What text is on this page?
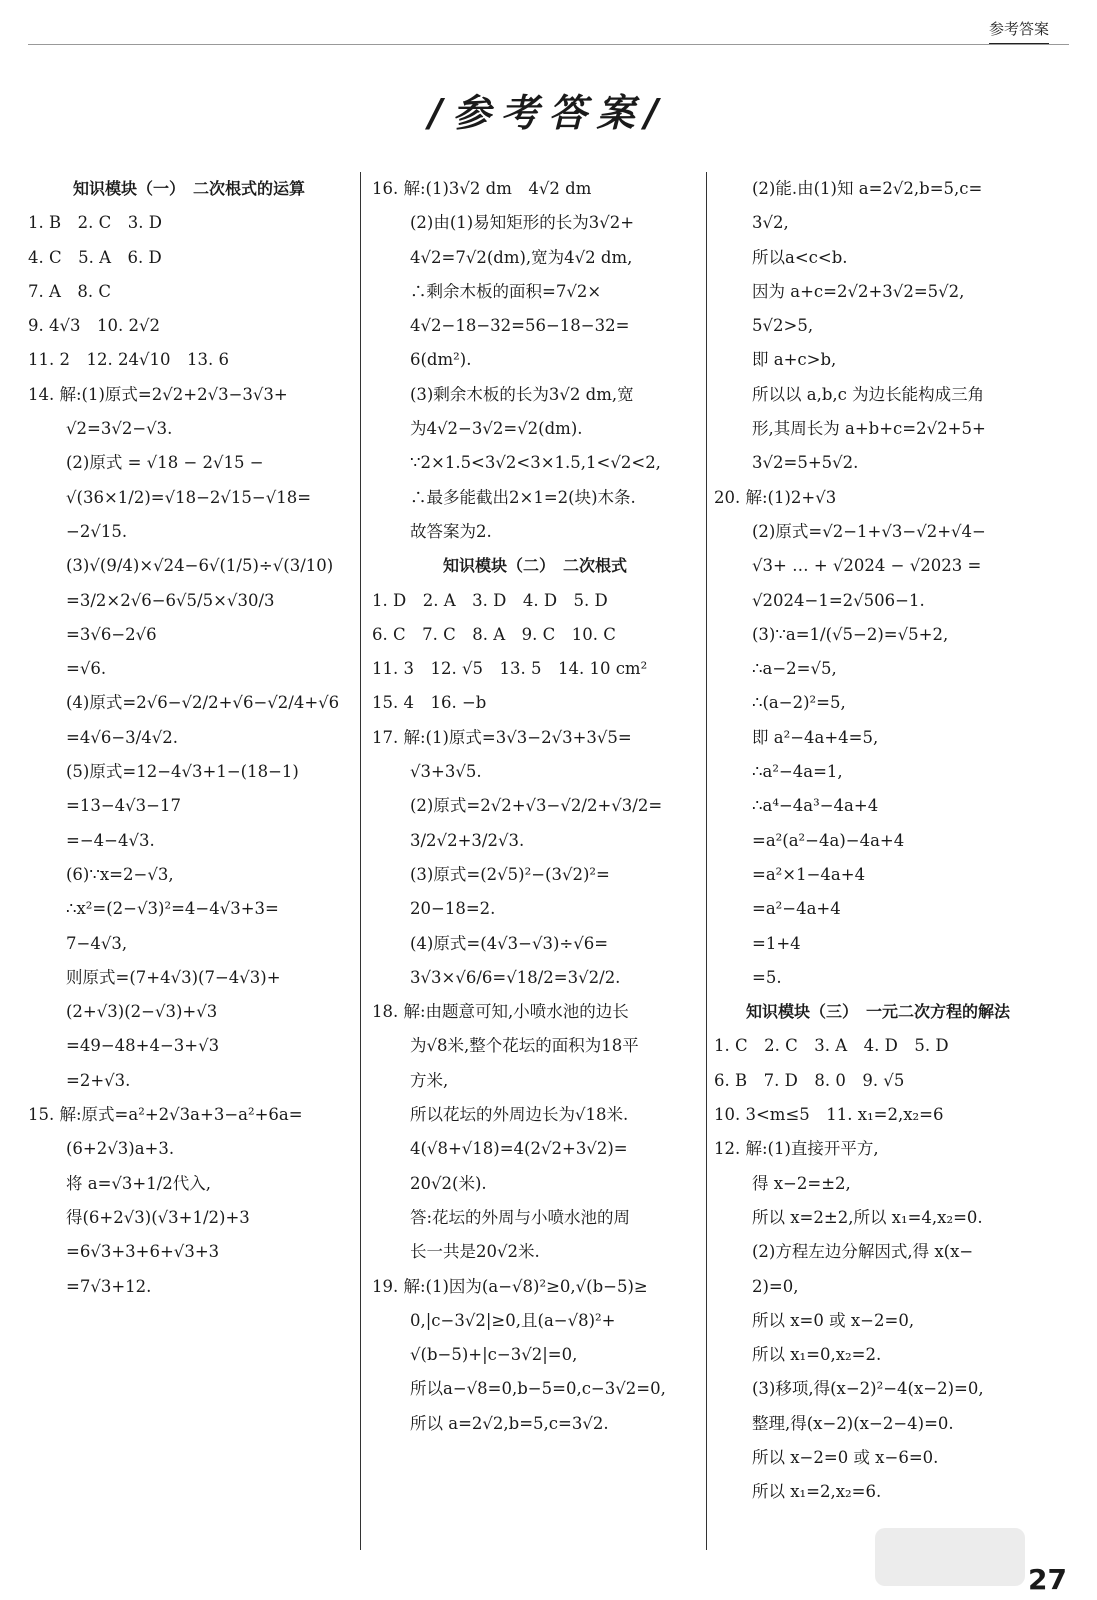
参考答案
/参考答案/
知识模块（一）　二次根式的运算
1. B　2. C　3. D
4. C　5. A　6. D
7. A　8. C
9. 4√3　10. 2√2
11. 2　12. 24√10　13. 6
14. 解:(1)原式=2√2+2√3−3√3+
√2=3√2−√3.
(2)原式 = √18 − 2√15 −
√(36×1/2)=√18−2√15−√18=
−2√15.
(3)√(9/4)×√24−6√(1/5)÷√(3/10)
=3/2×2√6−6√5/5×√30/3
=3√6−2√6
=√6.
(4)原式=2√6−√2/2+√6−√2/4+√6
=4√6−3/4√2.
(5)原式=12−4√3+1−(18−1)
=13−4√3−17
=−4−4√3.
(6)∵x=2−√3,
∴x²=(2−√3)²=4−4√3+3=
7−4√3,
则原式=(7+4√3)(7−4√3)+
(2+√3)(2−√3)+√3
=49−48+4−3+√3
=2+√3.
15. 解:原式=a²+2√3a+3−a²+6a=
(6+2√3)a+3.
将 a=√3+1/2代入,
得(6+2√3)(√3+1/2)+3
=6√3+3+6+√3+3
=7√3+12.
16. 解:(1)3√2 dm　4√2 dm
(2)由(1)易知矩形的长为3√2+
4√2=7√2(dm),宽为4√2 dm,
∴剩余木板的面积=7√2×
4√2−18−32=56−18−32=
6(dm²).
(3)剩余木板的长为3√2 dm,宽
为4√2−3√2=√2(dm).
∵2×1.5<3√2<3×1.5,1<√2<2,
∴最多能截出2×1=2(块)木条.
故答案为2.
知识模块（二）　二次根式
1. D　2. A　3. D　4. D　5. D
6. C　7. C　8. A　9. C　10. C
11. 3　12. √5　13. 5　14. 10 cm²
15. 4　16. −b
17. 解:(1)原式=3√3−2√3+3√5=
√3+3√5.
(2)原式=2√2+√3−√2/2+√3/2=
3/2√2+3/2√3.
(3)原式=(2√5)²−(3√2)²=
20−18=2.
(4)原式=(4√3−√3)÷√6=
3√3×√6/6=√18/2=3√2/2.
18. 解:由题意可知,小喷水池的边长
为√8米,整个花坛的面积为18平
方米,
所以花坛的外周边长为√18米.
4(√8+√18)=4(2√2+3√2)=
20√2(米).
答:花坛的外周与小喷水池的周
长一共是20√2米.
19. 解:(1)因为(a−√8)²≥0,√(b−5)≥
0,|c−3√2|≥0,且(a−√8)²+
√(b−5)+|c−3√2|=0,
所以a−√8=0,b−5=0,c−3√2=0,
所以 a=2√2,b=5,c=3√2.
(2)能.由(1)知 a=2√2,b=5,c=
3√2,
所以a<c<b.
因为 a+c=2√2+3√2=5√2,
5√2>5,
即 a+c>b,
所以以 a,b,c 为边长能构成三角
形,其周长为 a+b+c=2√2+5+
3√2=5+5√2.
20. 解:(1)2+√3
(2)原式=√2−1+√3−√2+√4−
√3+ … + √2024 − √2023 =
√2024−1=2√506−1.
(3)∵a=1/(√5−2)=√5+2,
∴a−2=√5,
∴(a−2)²=5,
即 a²−4a+4=5,
∴a²−4a=1,
∴a⁴−4a³−4a+4
=a²(a²−4a)−4a+4
=a²×1−4a+4
=a²−4a+4
=1+4
=5.
知识模块（三）　一元二次方程的解法
1. C　2. C　3. A　4. D　5. D
6. B　7. D　8. 0　9. √5
10. 3<m≤5　11. x₁=2,x₂=6
12. 解:(1)直接开平方,
得 x−2=±2,
所以 x=2±2,所以 x₁=4,x₂=0.
(2)方程左边分解因式,得 x(x−
2)=0,
所以 x=0 或 x−2=0,
所以 x₁=0,x₂=2.
(3)移项,得(x−2)²−4(x−2)=0,
整理,得(x−2)(x−2−4)=0.
所以 x−2=0 或 x−6=0.
所以 x₁=2,x₂=6.
27
